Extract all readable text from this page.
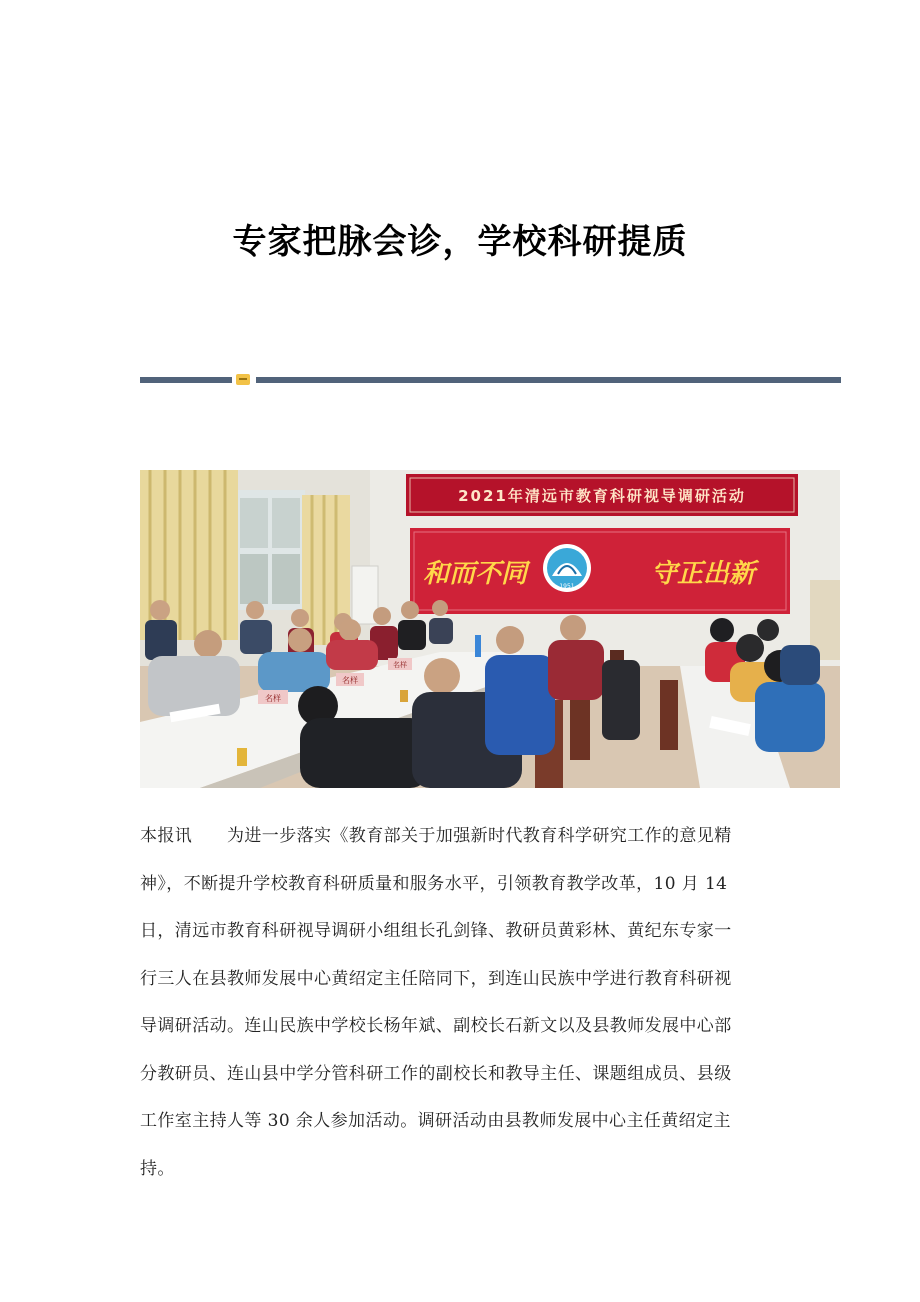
专家把脉会诊，学校科研提质
2021年清远市教育科研视导调研活动
和而不同	守正出新
1951
名样
名样
名样
本报讯　　为进一步落实《教育部关于加强新时代教育科学研究工作的意见精
神》，不断提升学校教育科研质量和服务水平，引领教育教学改革，10 月 14
日，清远市教育科研视导调研小组组长孔剑锋、教研员黄彩林、黄纪东专家一
行三人在县教师发展中心黄绍定主任陪同下，到连山民族中学进行教育科研视
导调研活动。连山民族中学校长杨年斌、副校长石新文以及县教师发展中心部
分教研员、连山县中学分管科研工作的副校长和教导主任、课题组成员、县级
工作室主持人等 30 余人参加活动。调研活动由县教师发展中心主任黄绍定主
持。
